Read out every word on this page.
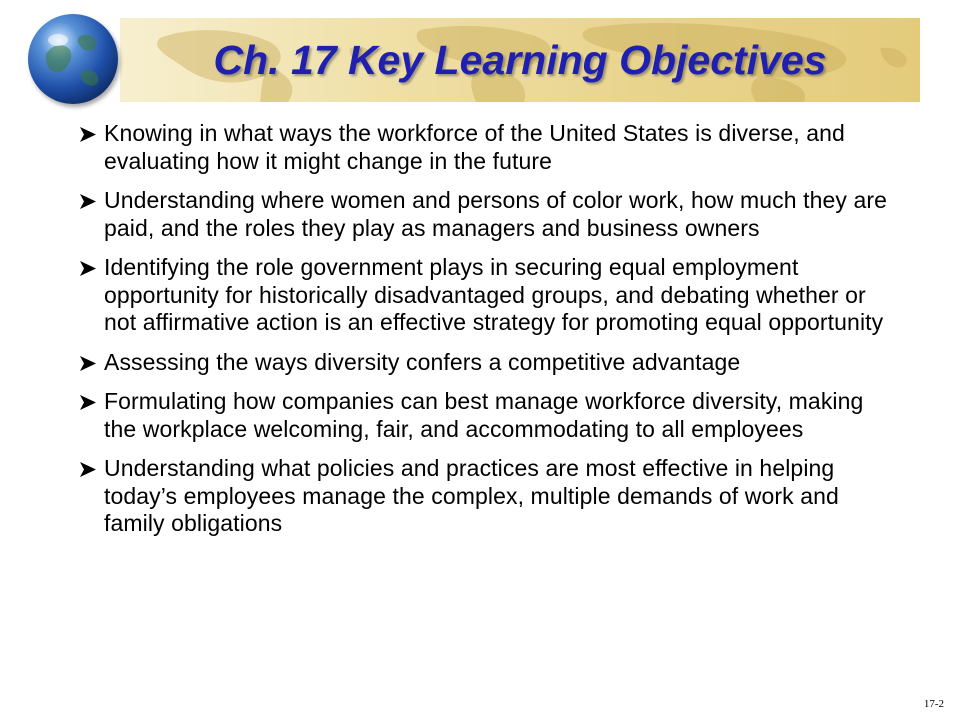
Ch. 17 Key Learning Objectives
Knowing in what ways the workforce of the United States is diverse, and evaluating how it might change in the future
Understanding where women and persons of color work, how much they are paid, and the roles they play as managers and business owners
Identifying the role government plays in securing equal employment opportunity for historically disadvantaged groups, and debating whether or not affirmative action is an effective strategy for promoting equal opportunity
Assessing the ways diversity confers a competitive advantage
Formulating how companies can best manage workforce diversity, making the workplace welcoming, fair, and accommodating to all employees
Understanding what policies and practices are most effective in helping today’s employees manage the complex, multiple demands of work and family obligations
17-2
